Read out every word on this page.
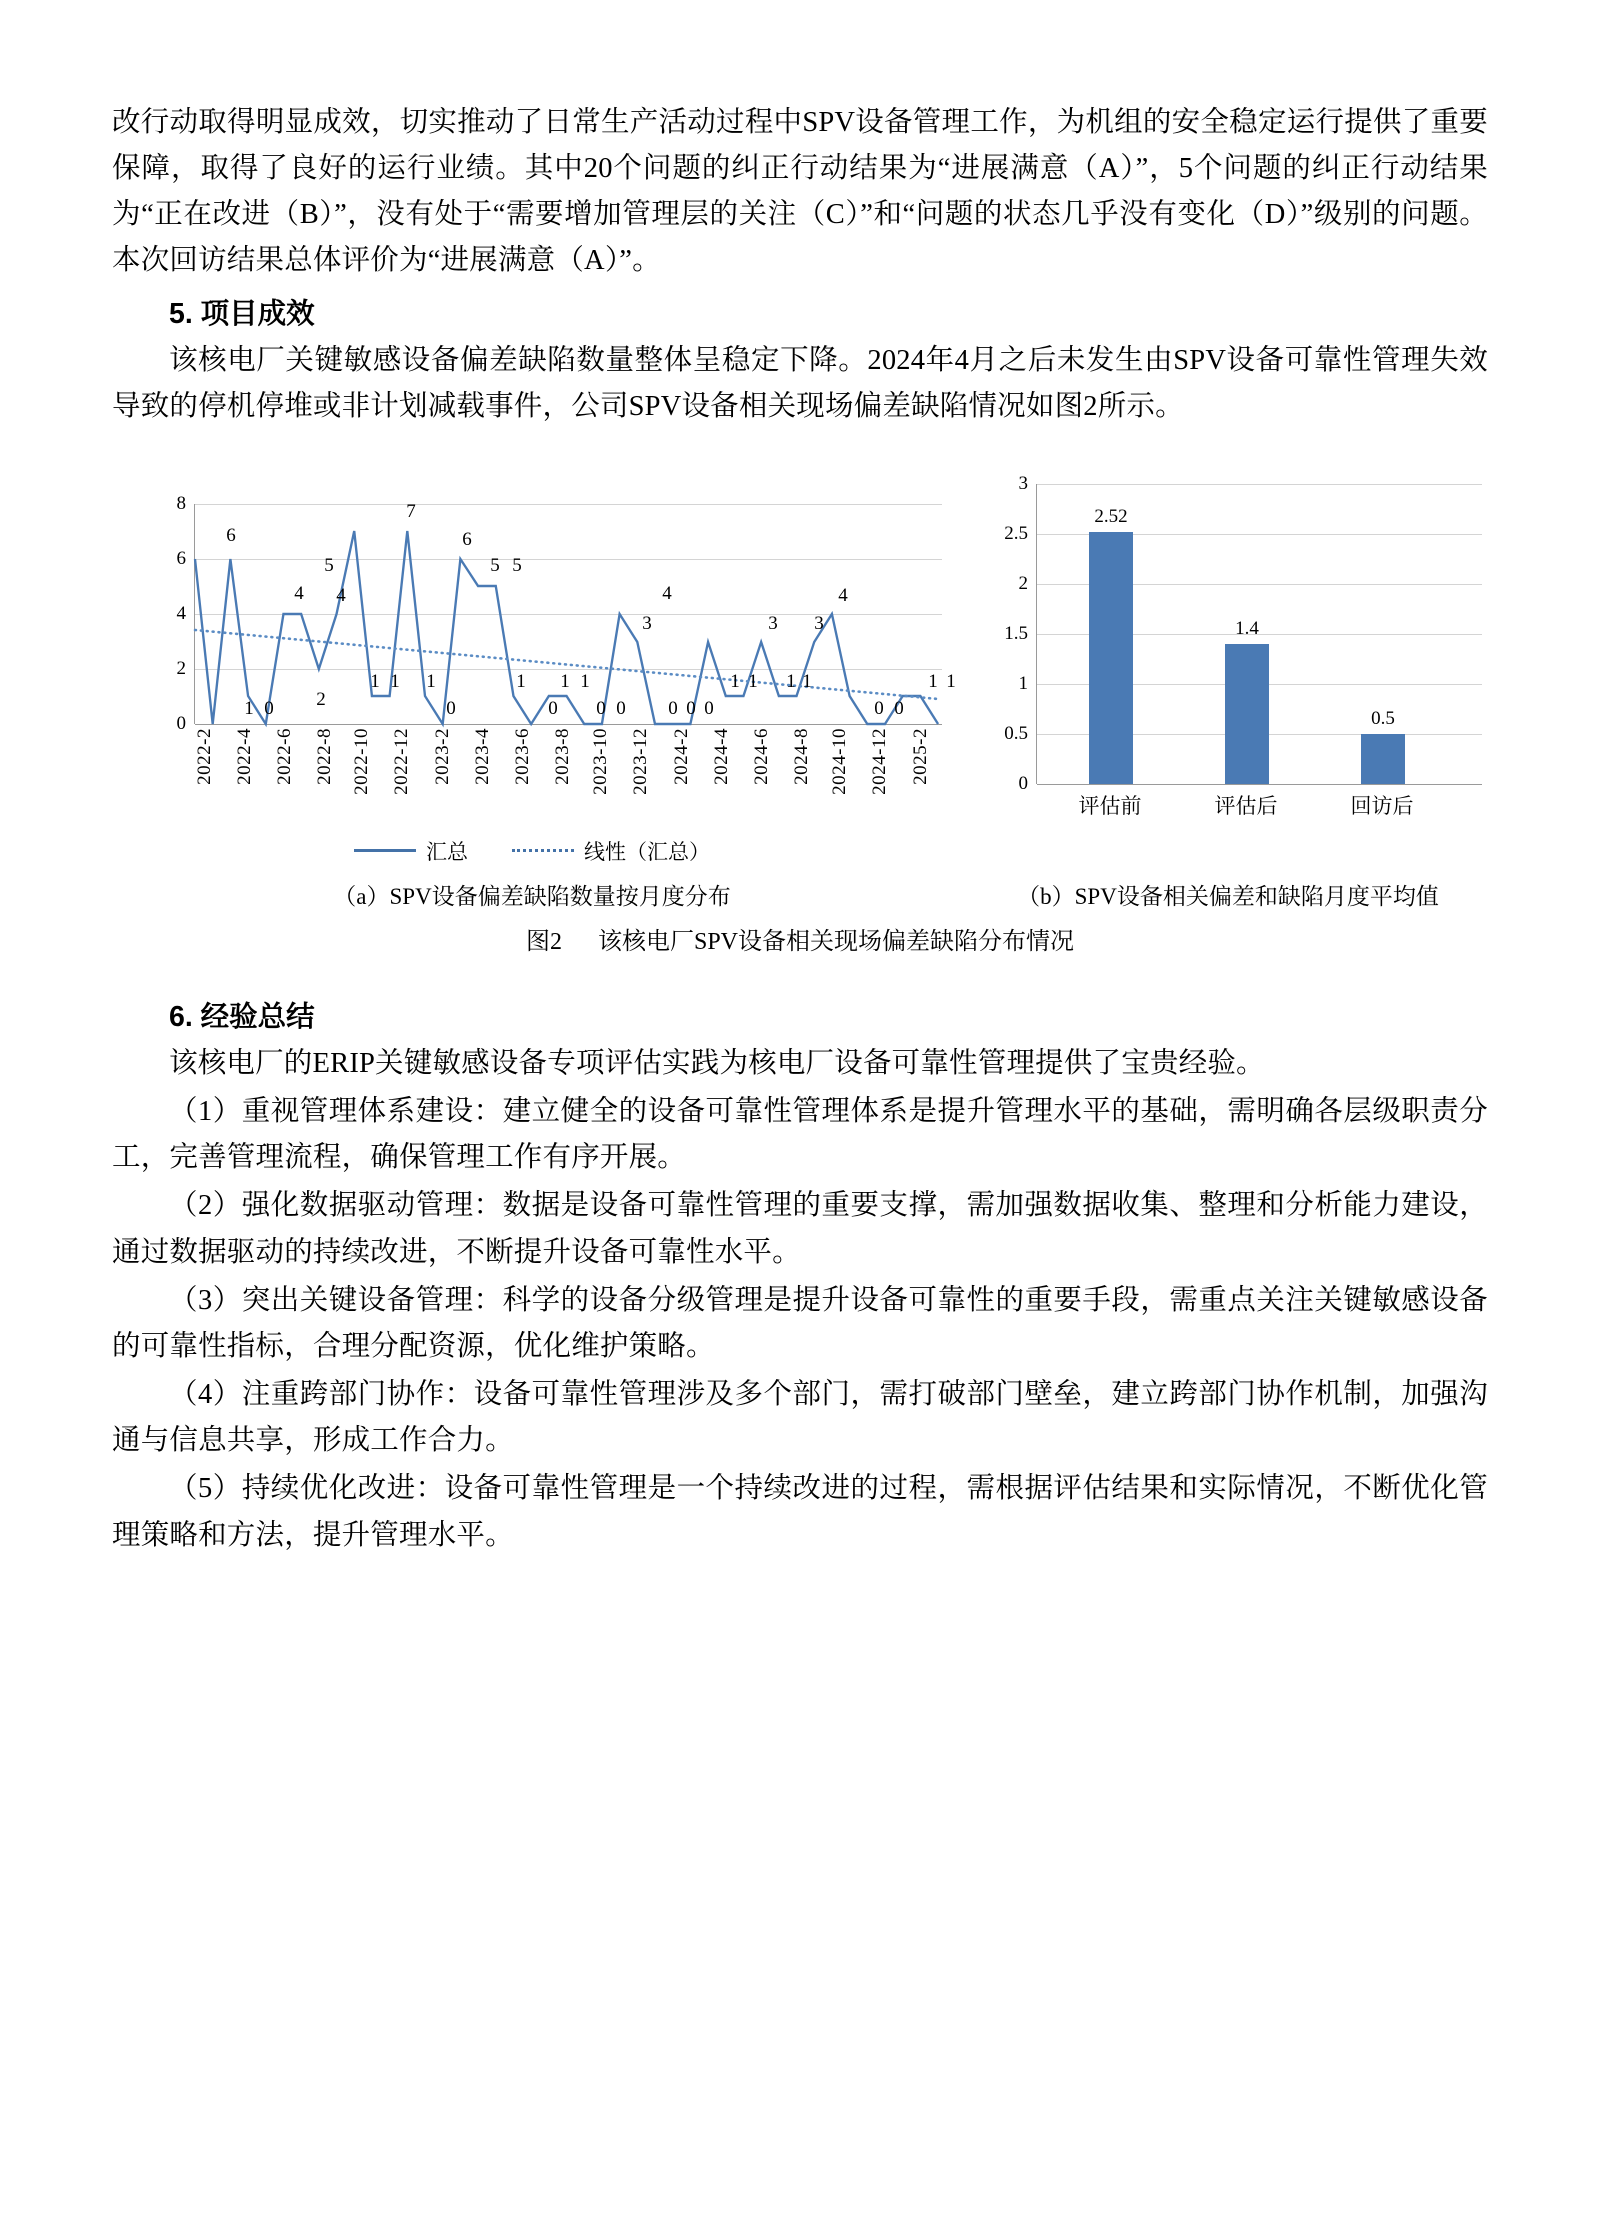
改行动取得明显成效，切实推动了日常生产活动过程中SPV设备管理工作，为机组的安全稳定运行提供了重要保障，取得了良好的运行业绩。其中20个问题的纠正行动结果为“进展满意（A）”，5个问题的纠正行动结果为“正在改进（B）”，没有处于“需要增加管理层的关注（C）”和“问题的状态几乎没有变化（D）”级别的问题。本次回访结果总体评价为“进展满意（A）”。

5. 项目成效

该核电厂关键敏感设备偏差缺陷数量整体呈稳定下降。2024年4月之后未发生由SPV设备可靠性管理失效导致的停机停堆或非计划减载事件，公司SPV设备相关现场偏差缺陷情况如图2所示。

0
2
4
6
8
6
1 0
4
2
4
5
1 1
7
1
0
6
5 5
1
0
1 1
0 0
3
4
0 0 0
1 1
3
1 1
3
4
0 0
1 1
2022-2 2022-4 2022-6 2022-8 2022-10 2022-12 2023-2 2023-4 2023-6 2023-8 2023-10 2023-12 2024-2 2024-4 2024-6 2024-8 2024-10 2024-12 2025-2
汇总	线性（汇总）
0
0.5
1
1.5
2
2.5
3
2.52
1.4
0.5
评估前	评估后	回访后
（a）SPV设备偏差缺陷数量按月度分布	（b）SPV设备相关偏差和缺陷月度平均值
图2 该核电厂SPV设备相关现场偏差缺陷分布情况
6. 经验总结

该核电厂的ERIP关键敏感设备专项评估实践为核电厂设备可靠性管理提供了宝贵经验。

（1）重视管理体系建设：建立健全的设备可靠性管理体系是提升管理水平的基础，需明确各层级职责分工，完善管理流程，确保管理工作有序开展。

（2）强化数据驱动管理：数据是设备可靠性管理的重要支撑，需加强数据收集、整理和分析能力建设，通过数据驱动的持续改进，不断提升设备可靠性水平。

（3）突出关键设备管理：科学的设备分级管理是提升设备可靠性的重要手段，需重点关注关键敏感设备的可靠性指标，合理分配资源，优化维护策略。

（4）注重跨部门协作：设备可靠性管理涉及多个部门，需打破部门壁垒，建立跨部门协作机制，加强沟通与信息共享，形成工作合力。

（5）持续优化改进：设备可靠性管理是一个持续改进的过程，需根据评估结果和实际情况，不断优化管理策略和方法，提升管理水平。
